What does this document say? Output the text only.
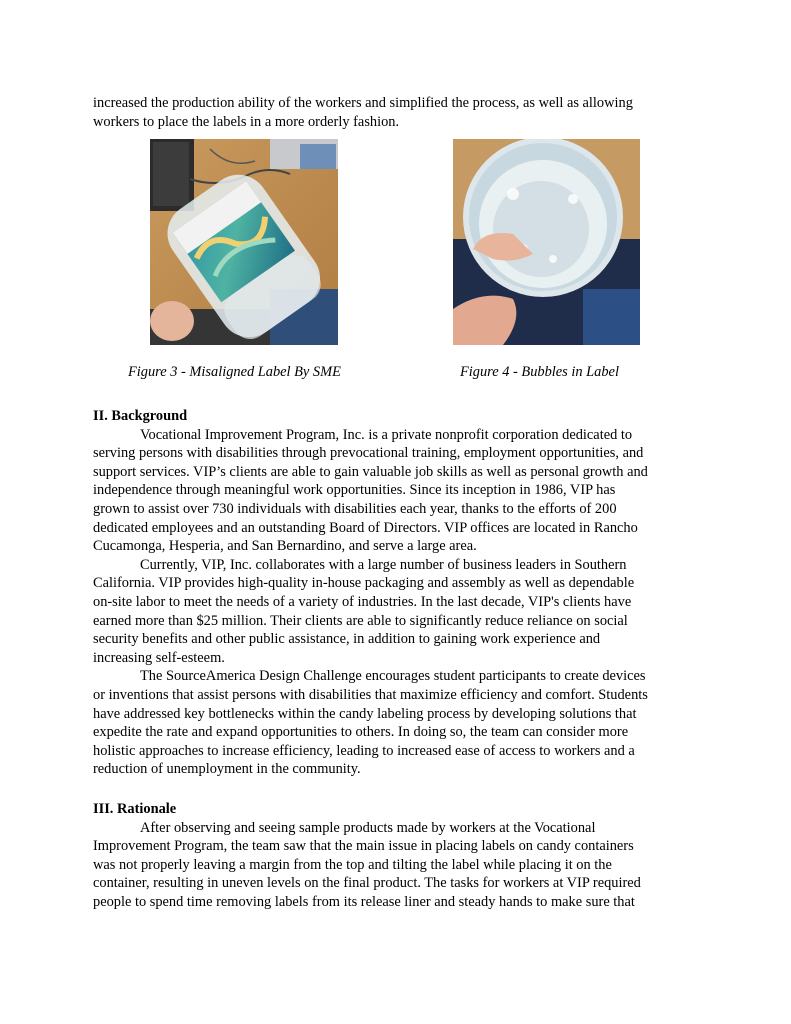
increased the production ability of the workers and simplified the process, as well as allowing
workers to place the labels in a more orderly fashion.
Figure 3 - Misaligned Label By SME	Figure 4 - Bubbles in Label
II. Background
Vocational Improvement Program, Inc. is a private nonprofit corporation dedicated to
serving persons with disabilities through prevocational training, employment opportunities, and
support services. VIP’s clients are able to gain valuable job skills as well as personal growth and
independence through meaningful work opportunities. Since its inception in 1986, VIP has
grown to assist over 730 individuals with disabilities each year, thanks to the efforts of 200
dedicated employees and an outstanding Board of Directors. VIP offices are located in Rancho
Cucamonga, Hesperia, and San Bernardino, and serve a large area.
Currently, VIP, Inc. collaborates with a large number of business leaders in Southern
California. VIP provides high-quality in-house packaging and assembly as well as dependable
on-site labor to meet the needs of a variety of industries. In the last decade, VIP's clients have
earned more than $25 million. Their clients are able to significantly reduce reliance on social
security benefits and other public assistance, in addition to gaining work experience and
increasing self-esteem.
The SourceAmerica Design Challenge encourages student participants to create devices
or inventions that assist persons with disabilities that maximize efficiency and comfort. Students
have addressed key bottlenecks within the candy labeling process by developing solutions that
expedite the rate and expand opportunities to others. In doing so, the team can consider more
holistic approaches to increase efficiency, leading to increased ease of access to workers and a
reduction of unemployment in the community.
III. Rationale
After observing and seeing sample products made by workers at the Vocational
Improvement Program, the team saw that the main issue in placing labels on candy containers
was not properly leaving a margin from the top and tilting the label while placing it on the
container, resulting in uneven levels on the final product. The tasks for workers at VIP required
people to spend time removing labels from its release liner and steady hands to make sure that
